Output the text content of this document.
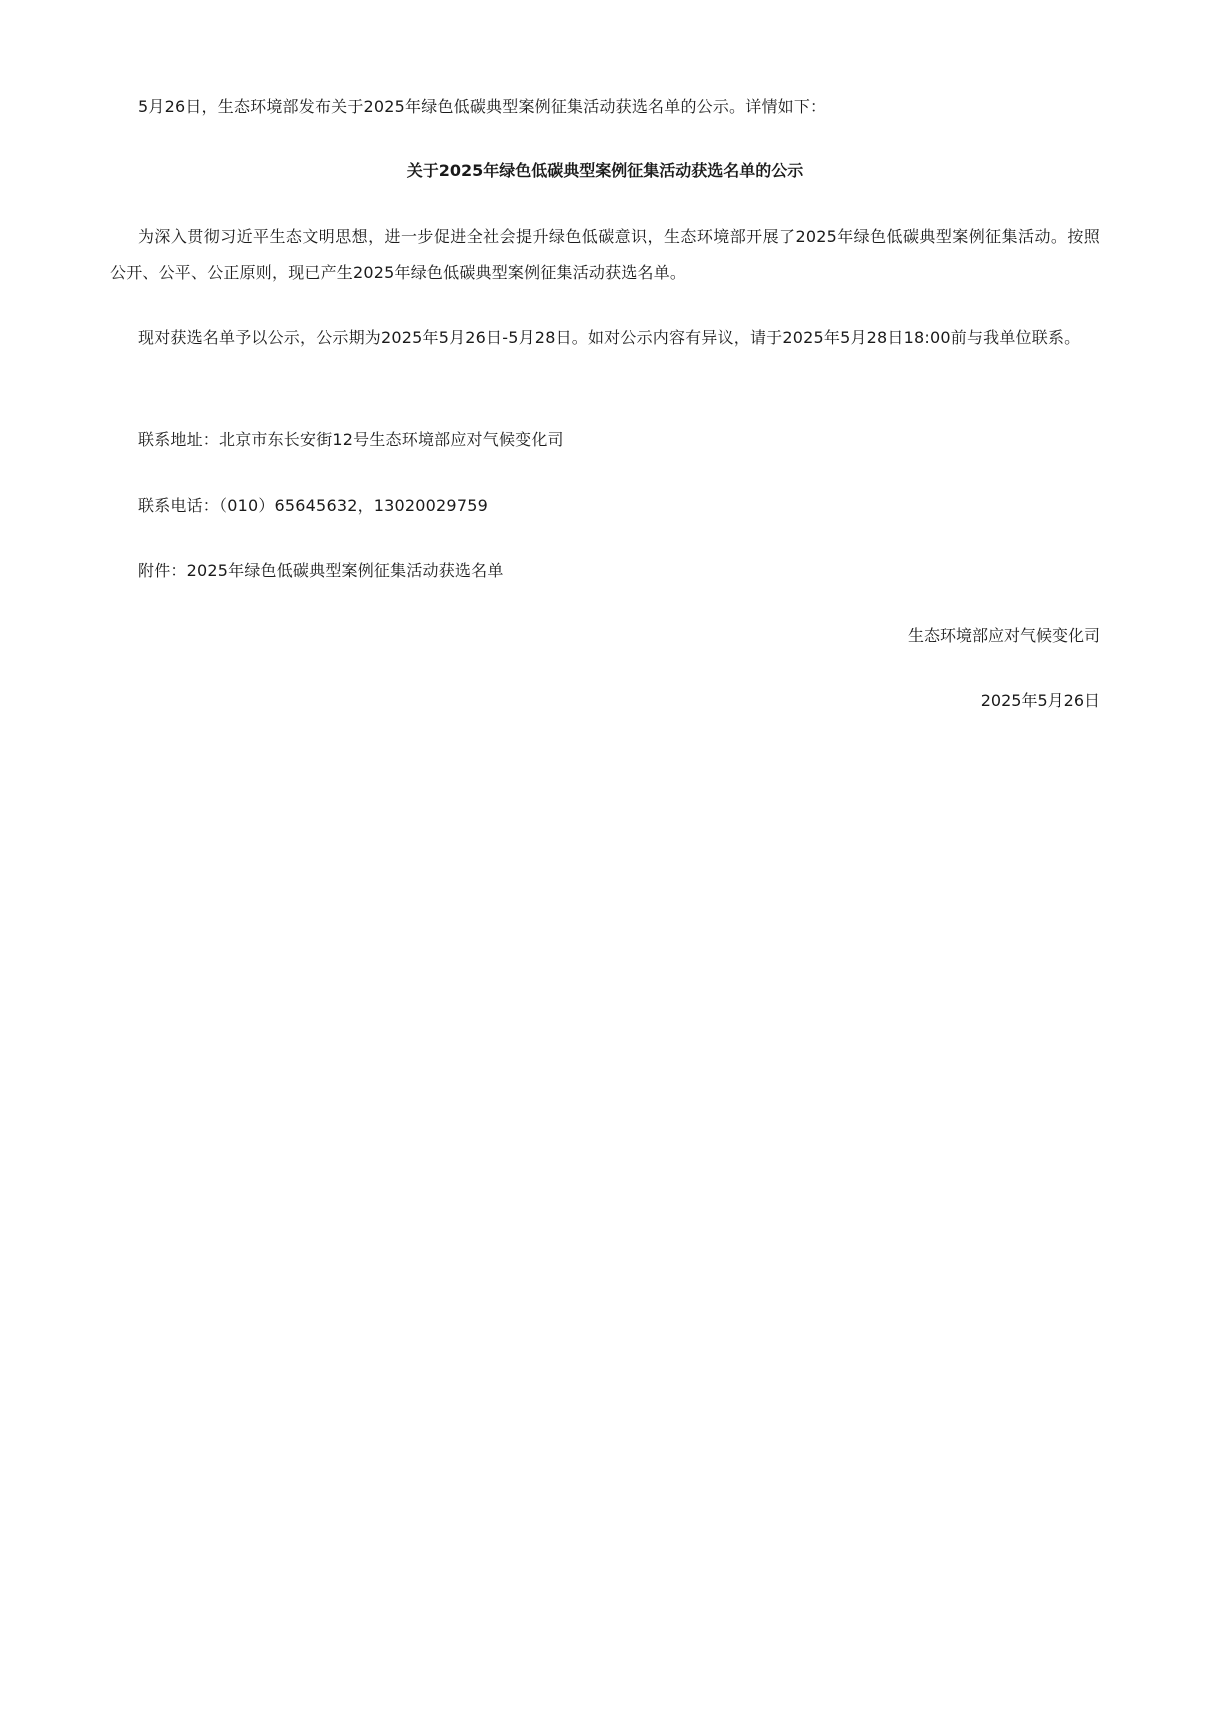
5月26日，生态环境部发布关于2025年绿色低碳典型案例征集活动获选名单的公示。详情如下：
关于2025年绿色低碳典型案例征集活动获选名单的公示
为深入贯彻习近平生态文明思想，进一步促进全社会提升绿色低碳意识，生态环境部开展了2025年绿色低碳典型案例征集活动。按照公开、公平、公正原则，现已产生2025年绿色低碳典型案例征集活动获选名单。
现对获选名单予以公示，公示期为2025年5月26日-5月28日。如对公示内容有异议，请于2025年5月28日18:00前与我单位联系。
联系地址：北京市东长安街12号生态环境部应对气候变化司
联系电话：（010）65645632，13020029759
附件：2025年绿色低碳典型案例征集活动获选名单
生态环境部应对气候变化司
2025年5月26日
